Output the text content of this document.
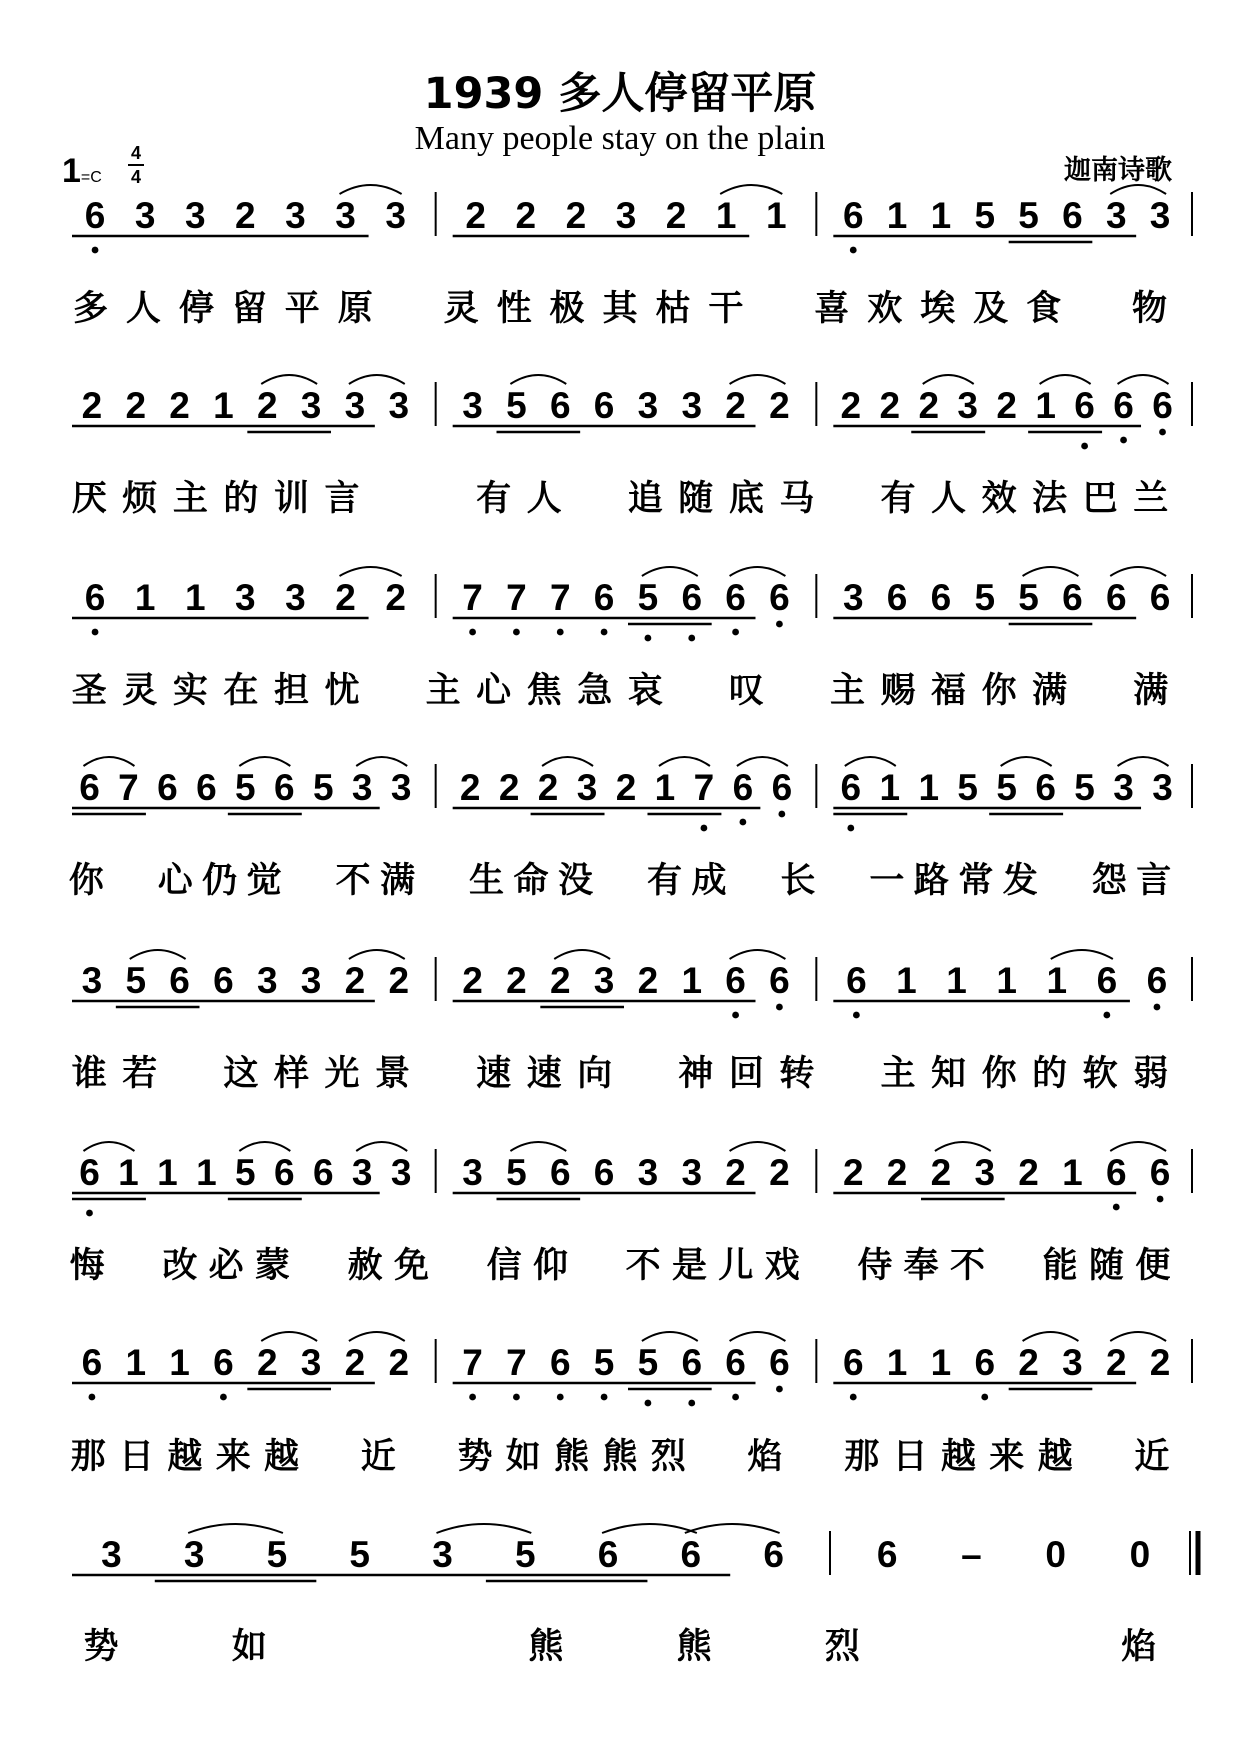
1939 多人停留平原
Many people stay on the plain
迦南诗歌
1=C
4
4
6 3 3 2 3 3 3 2 2 2 3 2 1 1 6 1 1 5 5 6 3 3
多 人 停 留 平 原 灵 性 极 其 枯 干 喜 欢 埃 及 食 物
2 2 2 1 2 3 3 3 3 5 6 6 3 3 2 2 2 2 2 3 2 1 6 6 6
厌 烦 主 的 训 言	有 人 追 随 底 马 有 人 效 法 巴 兰
6 1 1 3 3 2 2 7 7 7 6 5 6 6 6 3 6 6 5 5 6 6 6
圣 灵 实 在 担 忧 主 心 焦 急 哀 叹 主 赐 福 你 满 满
6 7 6 6 5 6 5 3 3 2 2 2 3 2 1 7 6 6 6 1 1 5 5 6 5 3 3
你 心 仍 觉 不 满 生 命 没 有 成 长 一 路 常 发 怨 言
3 5 6 6 3 3 2 2 2 2 2 3 2 1 6 6 6 1 1 1 1 6 6
谁 若 这 样 光 景 速 速 向 神 回 转 主 知 你 的 软 弱
6 1 1 1 5 6 6 3 3 3 5 6 6 3 3 2 2 2 2 2 3 2 1 6 6
悔 改 必 蒙 赦 免 信 仰 不 是 儿 戏 侍 奉 不 能 随 便
6 1 1 6 2 3 2 2 7 7 6 5 5 6 6 6 6 1 1 6 2 3 2 2
那 日 越 来 越 近 势 如 熊 熊 烈 焰 那 日 越 来 越 近
3 3 5 5 3 5 6 6 6	6 – 0 0
势	如	熊	熊	烈	焰
